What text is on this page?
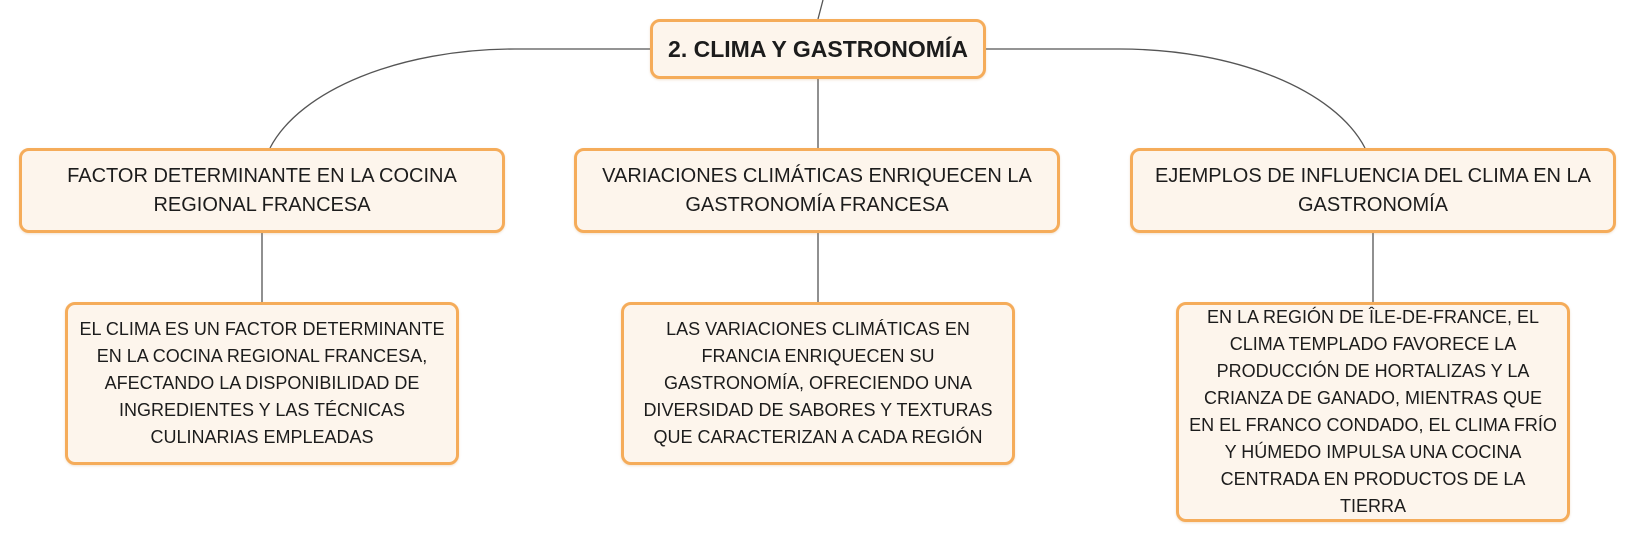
2. CLIMA Y GASTRONOMÍA
FACTOR DETERMINANTE EN LA COCINA REGIONAL FRANCESA
VARIACIONES CLIMÁTICAS ENRIQUECEN LA GASTRONOMÍA FRANCESA
EJEMPLOS DE INFLUENCIA DEL CLIMA EN LA GASTRONOMÍA
EL CLIMA ES UN FACTOR DETERMINANTE EN LA COCINA REGIONAL FRANCESA, AFECTANDO LA DISPONIBILIDAD DE INGREDIENTES Y LAS TÉCNICAS CULINARIAS EMPLEADAS
LAS VARIACIONES CLIMÁTICAS EN FRANCIA ENRIQUECEN SU GASTRONOMÍA, OFRECIENDO UNA DIVERSIDAD DE SABORES Y TEXTURAS QUE CARACTERIZAN A CADA REGIÓN
EN LA REGIÓN DE ÎLE-DE-FRANCE, EL CLIMA TEMPLADO FAVORECE LA PRODUCCIÓN DE HORTALIZAS Y LA CRIANZA DE GANADO, MIENTRAS QUE EN EL FRANCO CONDADO, EL CLIMA FRÍO Y HÚMEDO IMPULSA UNA COCINA CENTRADA EN PRODUCTOS DE LA TIERRA
